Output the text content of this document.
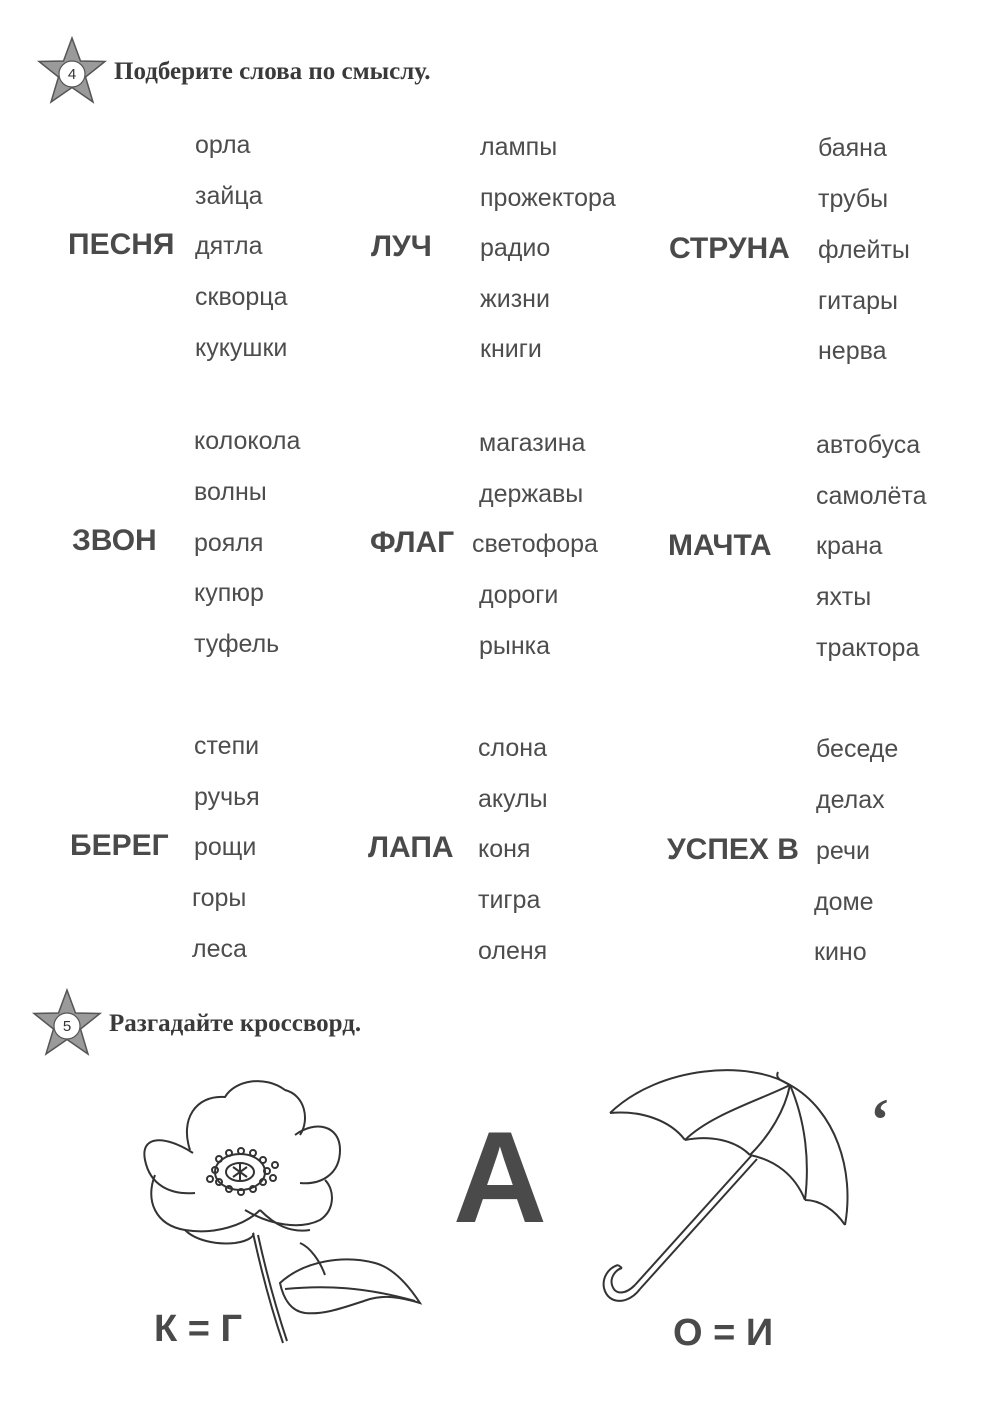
4	Подберите слова по смыслу.
ПЕСНЯ
орла
зайца
дятла
скворца
кукушки
ЛУЧ
лампы
прожектора
радио
жизни
книги
СТРУНА
баяна
трубы
флейты
гитары
нерва
ЗВОН
колокола
волны
рояля
купюр
туфель
ФЛАГ
магазина
державы
светофора
дороги
рынка
МАЧТА
автобуса
самолёта
крана
яхты
трактора
БЕРЕГ
степи
ручья
рощи
горы
леса
ЛАПА
слона
акулы
коня
тигра
оленя
УСПЕХ В
беседе
делах
речи
доме
кино
5	Разгадайте кроссворд.
А	‘
К = Г	О = И
